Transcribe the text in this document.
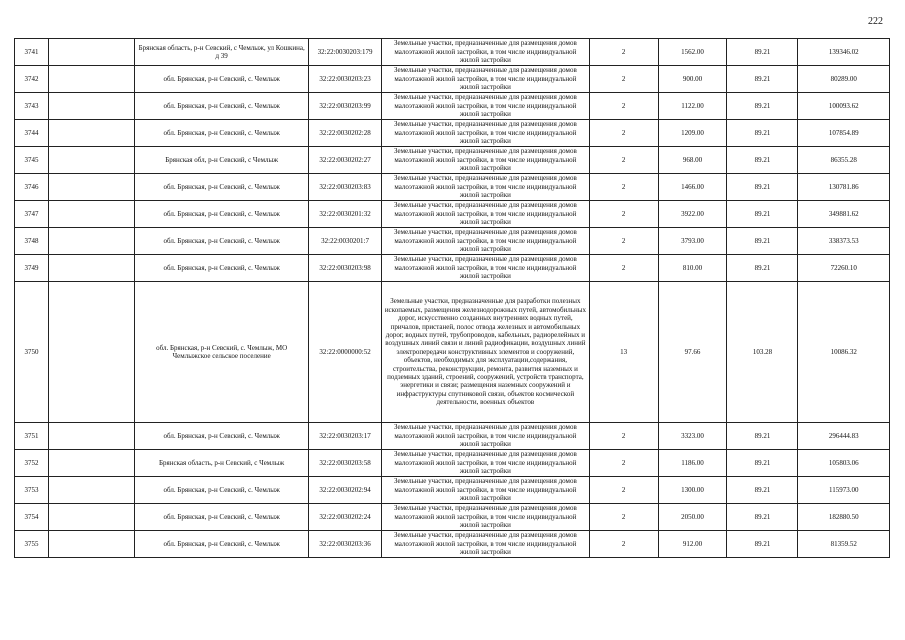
222
3741		Брянская область, р-н Севский, с Чемлыж, ул Кошкина, д 39	32:22:0030203:179	Земельные участки, предназначенные для размещения домов малоэтажной жилой застройки, в том числе индивидуальной жилой застройки	2	1562.00	89.21	139346.02
3742		обл. Брянская, р-н Севский, с. Чемлыж	32:22:0030203:23	Земельные участки, предназначенные для размещения домов малоэтажной жилой застройки, в том числе индивидуальной жилой застройки	2	900.00	89.21	80289.00
3743		обл. Брянская, р-н Севский, с. Чемлыж	32:22:0030203:99	Земельные участки, предназначенные для размещения домов малоэтажной жилой застройки, в том числе индивидуальной жилой застройки	2	1122.00	89.21	100093.62
3744		обл. Брянская, р-н Севский, с. Чемлыж	32:22:0030202:28	Земельные участки, предназначенные для размещения домов малоэтажной жилой застройки, в том числе индивидуальной жилой застройки	2	1209.00	89.21	107854.89
3745		Брянская обл, р-н Севский, с Чемлыж	32:22:0030202:27	Земельные участки, предназначенные для размещения домов малоэтажной жилой застройки, в том числе индивидуальной жилой застройки	2	968.00	89.21	86355.28
3746		обл. Брянская, р-н Севский, с. Чемлыж	32:22:0030203:83	Земельные участки, предназначенные для размещения домов малоэтажной жилой застройки, в том числе индивидуальной жилой застройки	2	1466.00	89.21	130781.86
3747		обл. Брянская, р-н Севский, с. Чемлыж	32:22:0030201:32	Земельные участки, предназначенные для размещения домов малоэтажной жилой застройки, в том числе индивидуальной жилой застройки	2	3922.00	89.21	349881.62
3748		обл. Брянская, р-н Севский, с. Чемлыж	32:22:0030201:7	Земельные участки, предназначенные для размещения домов малоэтажной жилой застройки, в том числе индивидуальной жилой застройки	2	3793.00	89.21	338373.53
3749		обл. Брянская, р-н Севский, с. Чемлыж	32:22:0030203:98	Земельные участки, предназначенные для размещения домов малоэтажной жилой застройки, в том числе индивидуальной жилой застройки	2	810.00	89.21	72260.10
3750		обл. Брянская, р-н Севский, с. Чемлыж, МО Чемлыжское сельское поселение	32:22:0000000:52	Земельные участки, предназначенные для разработки полезных ископаемых, размещения железнодорожных путей, автомобильных дорог, искусственно созданных внутренних водных путей, причалов, пристаней, полос отвода железных и автомобильных дорог, водных путей, трубопроводов, кабельных, радиорелейных и воздушных линий связи и линий радиофикации, воздушных линий электропередачи конструктивных элементов и сооружений, объектов, необходимых для эксплуатации,содержания, строительства, реконструкции, ремонта, развития наземных и подземных зданий, строений, сооружений, устройств транспорта, энергетики и связи; размещения наземных сооружений и инфраструктуры спутниковой связи, объектов космической деятельности, военных объектов	13	97.66	103.28	10086.32
3751		обл. Брянская, р-н Севский, с. Чемлыж	32:22:0030203:17	Земельные участки, предназначенные для размещения домов малоэтажной жилой застройки, в том числе индивидуальной жилой застройки	2	3323.00	89.21	296444.83
3752		Брянская область, р-н Севский, с Чемлыж	32:22:0030203:58	Земельные участки, предназначенные для размещения домов малоэтажной жилой застройки, в том числе индивидуальной жилой застройки	2	1186.00	89.21	105803.06
3753		обл. Брянская, р-н Севский, с. Чемлыж	32:22:0030202:94	Земельные участки, предназначенные для размещения домов малоэтажной жилой застройки, в том числе индивидуальной жилой застройки	2	1300.00	89.21	115973.00
3754		обл. Брянская, р-н Севский, с. Чемлыж	32:22:0030202:24	Земельные участки, предназначенные для размещения домов малоэтажной жилой застройки, в том числе индивидуальной жилой застройки	2	2050.00	89.21	182880.50
3755		обл. Брянская, р-н Севский, с. Чемлыж	32:22:0030203:36	Земельные участки, предназначенные для размещения домов малоэтажной жилой застройки, в том числе индивидуальной жилой застройки	2	912.00	89.21	81359.52
